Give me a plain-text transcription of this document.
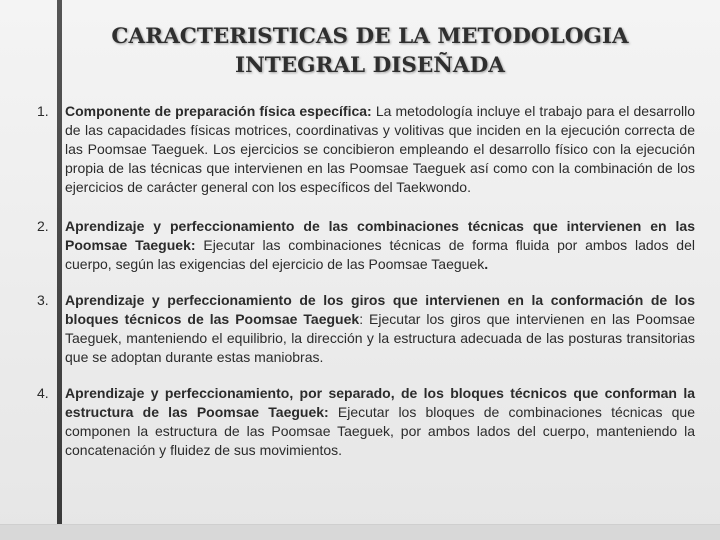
CARACTERISTICAS DE LA METODOLOGIA
INTEGRAL DISEÑADA
1. Componente de preparación física específica: La metodología incluye el trabajo para el desarrollo de las capacidades físicas motrices, coordinativas y volitivas que inciden en la ejecución correcta de las Poomsae Taeguek. Los ejercicios se concibieron empleando el desarrollo físico con la ejecución propia de las técnicas que intervienen en las Poomsae Taeguek así como con la combinación de los ejercicios de carácter general con los específicos del Taekwondo.
2. Aprendizaje y perfeccionamiento de las combinaciones técnicas que intervienen en las Poomsae Taeguek: Ejecutar las combinaciones técnicas de forma fluida por ambos lados del cuerpo, según las exigencias del ejercicio de las Poomsae Taeguek.
3. Aprendizaje y perfeccionamiento de los giros que intervienen en la conformación de los bloques técnicos de las Poomsae Taeguek: Ejecutar los giros que intervienen en las Poomsae Taeguek, manteniendo el equilibrio, la dirección y la estructura adecuada de las posturas transitorias que se adoptan durante estas maniobras.
4. Aprendizaje y perfeccionamiento, por separado, de los bloques técnicos que conforman la estructura de las Poomsae Taeguek: Ejecutar los bloques de combinaciones técnicas que componen la estructura de las Poomsae Taeguek, por ambos lados del cuerpo, manteniendo la concatenación y fluidez de sus movimientos.
